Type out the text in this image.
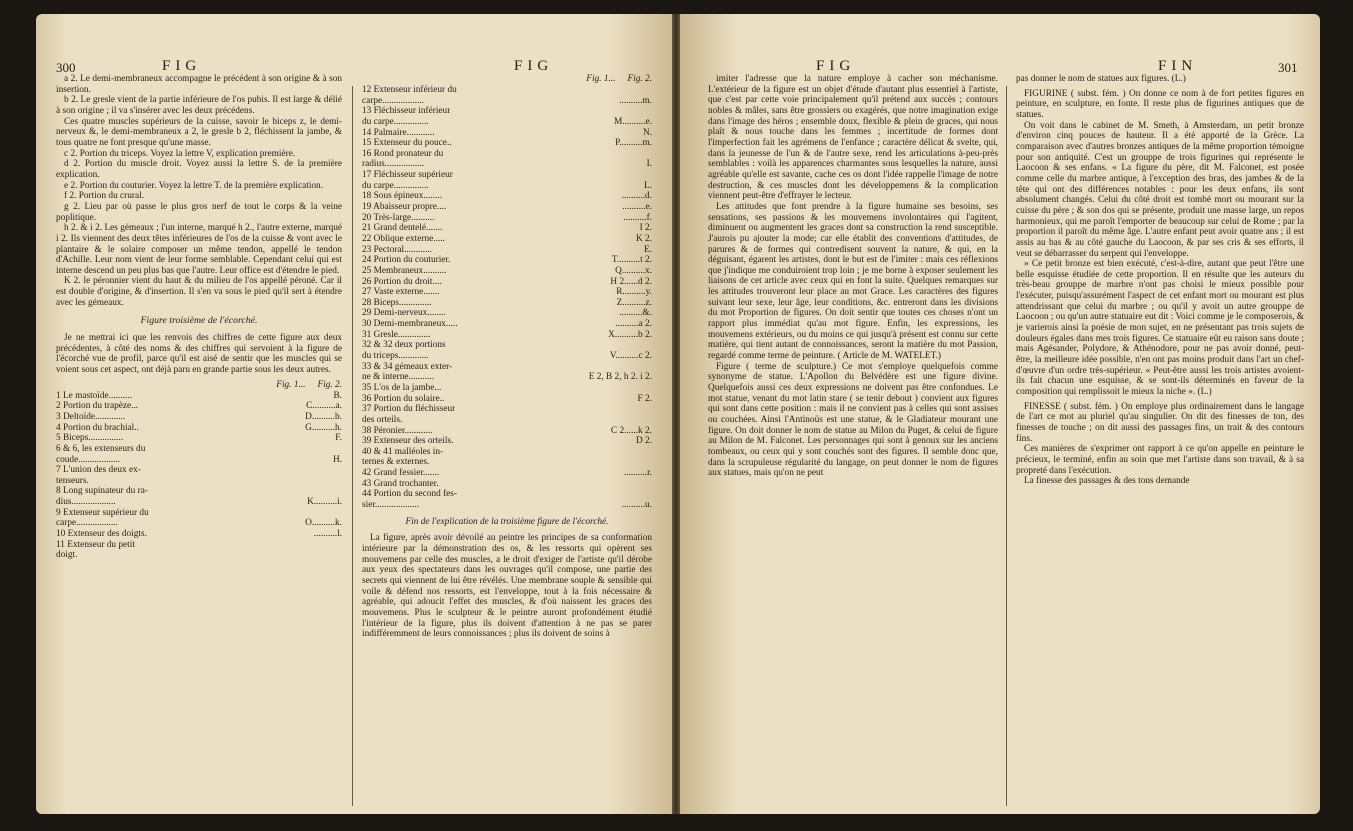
300	FIG	FIG

a 2. Le demi-membraneux accompagne le précédent à son origine & à son insertion.

b 2. Le gresle vient de la partie inférieure de l'os pubis. Il est large & délié à son origine ; il va s'insérer avec les deux précédens.

Ces quatre muscles supérieurs de la cuisse, savoir le biceps z, le demi-nerveux &, le demi-membraneux a 2, le gresle b 2, fléchissent la jambe, & tous quatre ne font presque qu'une masse.

c 2. Portion du triceps. Voyez la lettre V, explication première.

d 2. Portion du muscle droit. Voyez aussi la lettre S. de la première explication.

e 2. Portion du couturier. Voyez la lettre T. de la première explication.

f 2. Portion du crural.

g 2. Lieu par où passe le plus gros nerf de tout le corps & la veine poplitique.

h 2. & i 2. Les gémeaux ; l'un interne, marqué h 2., l'autre externe, marqué i 2. Ils viennent des deux têtes inférieures de l'os de la cuisse & vont avec le plantaire & le solaire composer un même tendon, appellé le tendon d'Achille. Leur nom vient de leur forme semblable. Cependant celui qui est interne descend un peu plus bas que l'autre. Leur office est d'étendre le pied.

K 2. le péronnier vient du haut & du milieu de l'os appellé péroné. Car il est double d'origine, & d'insertion. Il s'en va sous le pied qu'il sert à étendre avec les gémeaux.

Figure troisième de l'écorché.

Je ne mettrai ici que les renvois des chiffres de cette figure aux deux précédentes, à côté des noms & des chiffres qui servoient à la figure de l'écorché vue de profil, parce qu'il est aisé de sentir que les muscles qui se voient sous cet aspect, ont déjà paru en grande partie sous les deux autres.

Fig. 1... Fig. 2.
1 Le mastoïde..........	B.
2 Portion du trapèze...	C..........a.
3 Deltoïde.............	D..........b.
4 Portion du brachial..	G..........h.
5 Biceps...............	F.
6 & 6, les extenseurs du
coude..................	H.
7 L'union des deux ex-
tenseurs.
8 Long supinateur du ra-
dius...................	K..........i.
9 Extenseur supérieur du
carpe..................	O..........k.
10 Extenseur des doigts.	..........l.
11 Extenseur du petit
doigt.
Fig. 1... Fig. 2.
12 Extenseur inférieur du
carpe..................	..........m.
13 Fléchisseur inférieur
du carpe...............	M..........e.
14 Palmaire............	N.
15 Extenseur du pouce..	P..........m.
16 Rond pronateur du
radius.................	I.
17 Fléchisseur supérieur
du carpe...............	L.
18 Sous épineux........	..........d.
19 Abaisseur propre....	..........e.
20 Très-large..........	..........f.
21 Grand dentelé.......	I 2.
22 Oblique externe.....	K 2.
23 Pectoral............	E.
24 Portion du couturier.	T..........t 2.
25 Membraneux..........	Q..........x.
26 Portion du droit....	H 2......d 2.
27 Vaste externe.......	R..........y.
28 Biceps..............	Z..........z.
29 Demi-nerveux........	..........&.
30 Demi-membraneux.....	..........a 2.
31 Gresle..............	X..........b 2.
32 & 32 deux portions
du triceps.............	V..........c 2.
33 & 34 gémeaux exter-
ne & interne...........	E 2, B 2, h 2. i 2.
35 L'os de la jambe...
36 Portion du solaire..	F 2.
37 Portion du fléchisseur
des orteils.
38 Péronier............	C 2......k 2.
39 Extenseur des orteils.	D 2.
40 & 41 malléoles in-
ternes & externes.
42 Grand fessier.......	..........r.
43 Grand trochanter.
44 Portion du second fes-
sier...................	..........u.
Fin de l'explication de la troisième figure de l'écorché.

La figure, après avoir dévoilé au peintre les principes de sa conformation intérieure par la démonstration des os, & les ressorts qui opèrent ses mouvemens par celle des muscles, a le droit d'exiger de l'artiste qu'il dérobe aux yeux des spectateurs dans les ouvrages qu'il compose, une partie des secrets qui viennent de lui être révélés. Une membrane souple & sensible qui voile & défend nos ressorts, est l'enveloppe, tout à la fois nécessaire & agréable, qui adoucit l'effet des muscles, & d'où naissent les graces des mouvemens. Plus le sculpteur & le peintre auront profondément étudié l'intérieur de la figure, plus ils doivent d'attention à ne pas se parer indifféremment de leurs connoissances ; plus ils doivent de soins à

FIG	FIN	301

imiter l'adresse que la nature employe à cacher son méchanisme. L'extérieur de la figure est un objet d'étude d'autant plus essentiel à l'artiste, que c'est par cette voie principalement qu'il prétend aux succès ; contours nobles & mâles, sans être grossiers ou exagérés, que notre imagination exige dans l'image des héros ; ensemble doux, flexible & plein de graces, qui nous plaît & nous touche dans les femmes ; incertitude de formes dont l'imperfection fait les agrémens de l'enfance ; caractère délicat & svelte, qui, dans la jeunesse de l'un & de l'autre sexe, rend les articulations à-peu-près semblables : voilà les apparences charmantes sous lesquelles la nature, aussi agréable qu'elle est savante, cache ces os dont l'idée rappelle l'image de notre destruction, & ces muscles dont les développemens & la complication viennent peut-être d'effrayer le lecteur.

Les attitudes que font prendre à la figure humaine ses besoins, ses sensations, ses passions & les mouvemens involontaires qui l'agitent, diminuent ou augmentent les graces dont sa construction la rend susceptible. J'aurois pu ajouter la mode; car elle établit des conventions d'attitudes, de parures & de formes qui contredisent souvent la nature, & qui, en la déguisant, égarent les artistes, dont le but est de l'imiter : mais ces réflexions que j'indique me conduiroient trop loin ; je me borne à exposer seulement les liaisons de cet article avec ceux qui en font la suite. Quelques remarques sur les attitudes trouveront leur place au mot Grace. Les caractères des figures suivant leur sexe, leur âge, leur conditions, &c. entreront dans les divisions du mot Proportion de figures. On doit sentir que toutes ces choses n'ont un rapport plus immédiat qu'au mot figure. Enfin, les expressions, les mouvemens extérieurs, ou du moins ce qui jusqu'à présent est connu sur cette matière, qui tient autant de connoissances, seront la matière du mot Passion, regardé comme terme de peinture. ( Article de M. WATELET.)

Figure ( terme de sculpture.) Ce mot s'employe quelquefois comme synonyme de statue. L'Apollon du Belvédère est une figure divine. Quelquefois aussi ces deux expressions ne doivent pas être confondues. Le mot statue, venant du mot latin stare ( se tenir debout ) convient aux figures qui sont dans cette position : mais il ne convient pas à celles qui sont assises ou couchées. Ainsi l'Antinoüs est une statue, & le Gladiateur mourant une figure. On doit donner le nom de statue au Milon du Puget, & celui de figure au Milon de M. Falconet. Les personnages qui sont à genoux sur les anciens tombeaux, ou ceux qui y sont couchés sont des figures. Il semble donc que, dans la scrupuleuse régularité du langage, on peut donner le nom de figures aux statues, mais qu'on ne peut

pas donner le nom de statues aux figures. (L.)

FIGURINE ( subst. fém. ) On donne ce nom à de fort petites figures en peinture, en sculpture, en fonte. Il reste plus de figurines antiques que de statues.

On voit dans le cabinet de M. Smeth, à Amsterdam, un petit bronze d'environ cinq pouces de hauteur. Il a été apporté de la Grèce. La comparaison avec d'autres bronzes antiques de la même proportion témoigne pour son antiquité. C'est un grouppe de trois figurines qui représente le Laocoon & ses enfans. « La figure du père, dit M. Falconet, est posée comme celle du marbre antique, à l'exception des bras, des jambes & de la tête qui ont des différences notables : pour les deux enfans, ils sont absolument changés. Celui du côté droit est tombé mort ou mourant sur la cuisse du père ; & son dos qui se présente, produit une masse large, un repos harmonieux, qui me paroît l'emporter de beaucoup sur celui de Rome ; par la proportion il paroît du même âge. L'autre enfant peut avoir quatre ans ; il est assis au bas & au côté gauche du Laocoon, & par ses cris & ses efforts, il veut se débarrasser du serpent qui l'enveloppe.

» Ce petit bronze est bien exécuté, c'est-à-dire, autant que peut l'être une belle esquisse étudiée de cette proportion. Il en résulte que les auteurs du très-beau grouppe de marbre n'ont pas choisi le mieux possible pour l'exécuter, puisqu'assurément l'aspect de cet enfant mort ou mourant est plus attendrissant que celui du marbre ; ou qu'il y avoit un autre grouppe de Laocoon ; ou qu'un autre statuaire eut dit : Voici comme je le composerois, & je varierois ainsi la poésie de mon sujet, en ne présentant pas trois sujets de douleurs égales dans mes trois figures. Ce statuaire eût eu raison sans doute ; mais Agésander, Polydore, & Athénodore, pour ne pas avoir donné, peut-être, la meilleure idée possible, n'en ont pas moins produit dans l'art un chef-d'œuvre d'un ordre très-supérieur. « Peut-être aussi les trois artistes avoient-ils fait chacun une esquisse, & se sont-ils déterminés en faveur de la composition qui remplissoit le mieux la niche ». (L.)

FINESSE ( subst. fém. ) On employe plus ordinairement dans le langage de l'art ce mot au pluriel qu'au singulier. On dit des finesses de ton, des finesses de touche ; on dit aussi des passages fins, un trait & des contours fins.

Ces manières de s'exprimer ont rapport à ce qu'on appelle en peinture le précieux, le terminé, enfin au soin que met l'artiste dans son travail, & à sa propreté dans l'exécution.

La finesse des passages & des tons demande
